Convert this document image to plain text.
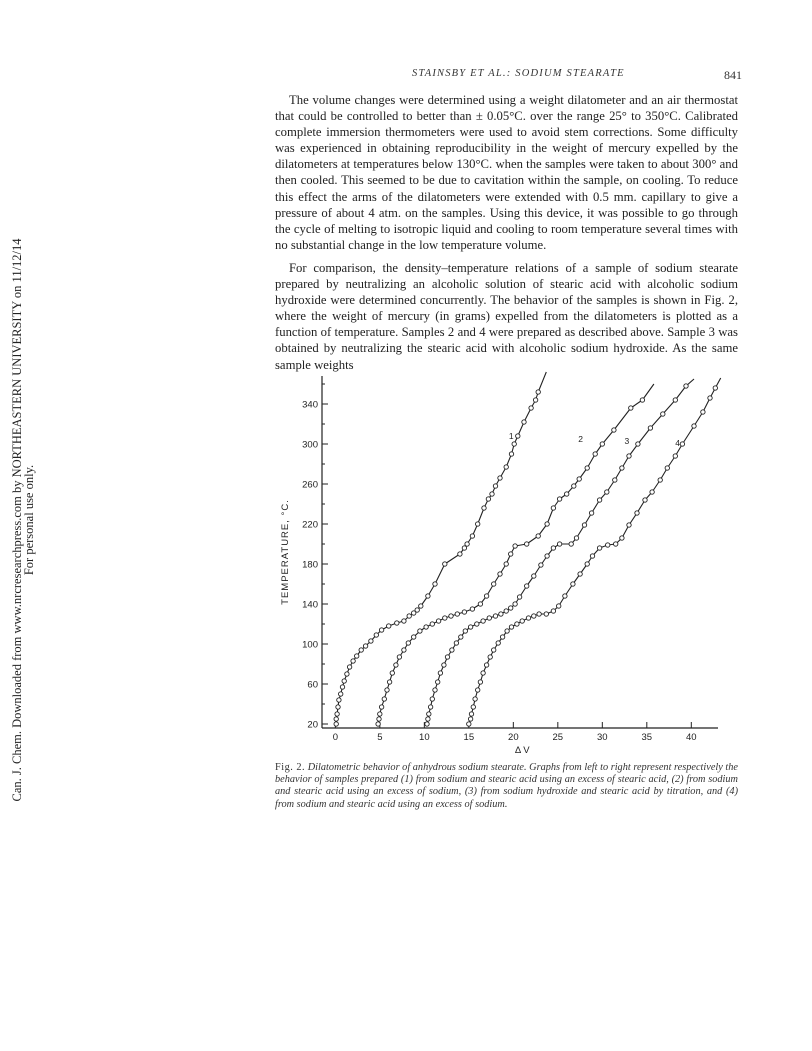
Can. J. Chem. Downloaded from www.nrcresearchpress.com by NORTHEASTERN UNIVERSITY on 11/12/14
For personal use only.
STAINSBY ET AL.: SODIUM STEARATE	841

The volume changes were determined using a weight dilatometer and an air thermostat that could be controlled to better than ± 0.05°C. over the range 25° to 350°C. Calibrated complete immersion thermometers were used to avoid stem corrections. Some difficulty was experienced in obtaining reproducibility in the weight of mercury expelled by the dilatometers at temperatures below 130°C. when the samples were taken to about 300° and then cooled. This seemed to be due to cavitation within the sample, on cooling. To reduce this effect the arms of the dilatometers were extended with 0.5 mm. capillary to give a pressure of about 4 atm. on the samples. Using this device, it was possible to go through the cycle of melting to isotropic liquid and cooling to room temperature several times with no substantial change in the low temperature volume.

For comparison, the density–temperature relations of a sample of sodium stearate prepared by neutralizing an alcoholic solution of stearic acid with alcoholic sodium hydroxide were determined concurrently. The behavior of the samples is shown in Fig. 2, where the weight of mercury (in grams) expelled from the dilatometers is plotted as a function of temperature. Samples 2 and 4 were prepared as described above. Sample 3 was obtained by neutralizing the stearic acid with alcoholic sodium hydroxide. As the same sample weights

20
60
100
140
180
220
260
300
340
0	5	10	15	20	25	30	35	40
Δ V
TEMPERATURE, °C.
1	2	3	4
Fig. 2. Dilatometric behavior of anhydrous sodium stearate. Graphs from left to right represent respectively the behavior of samples prepared (1) from sodium and stearic acid using an excess of stearic acid, (2) from sodium and stearic acid using an excess of sodium, (3) from sodium hydroxide and stearic acid by titration, and (4) from sodium and stearic acid using an excess of sodium.
